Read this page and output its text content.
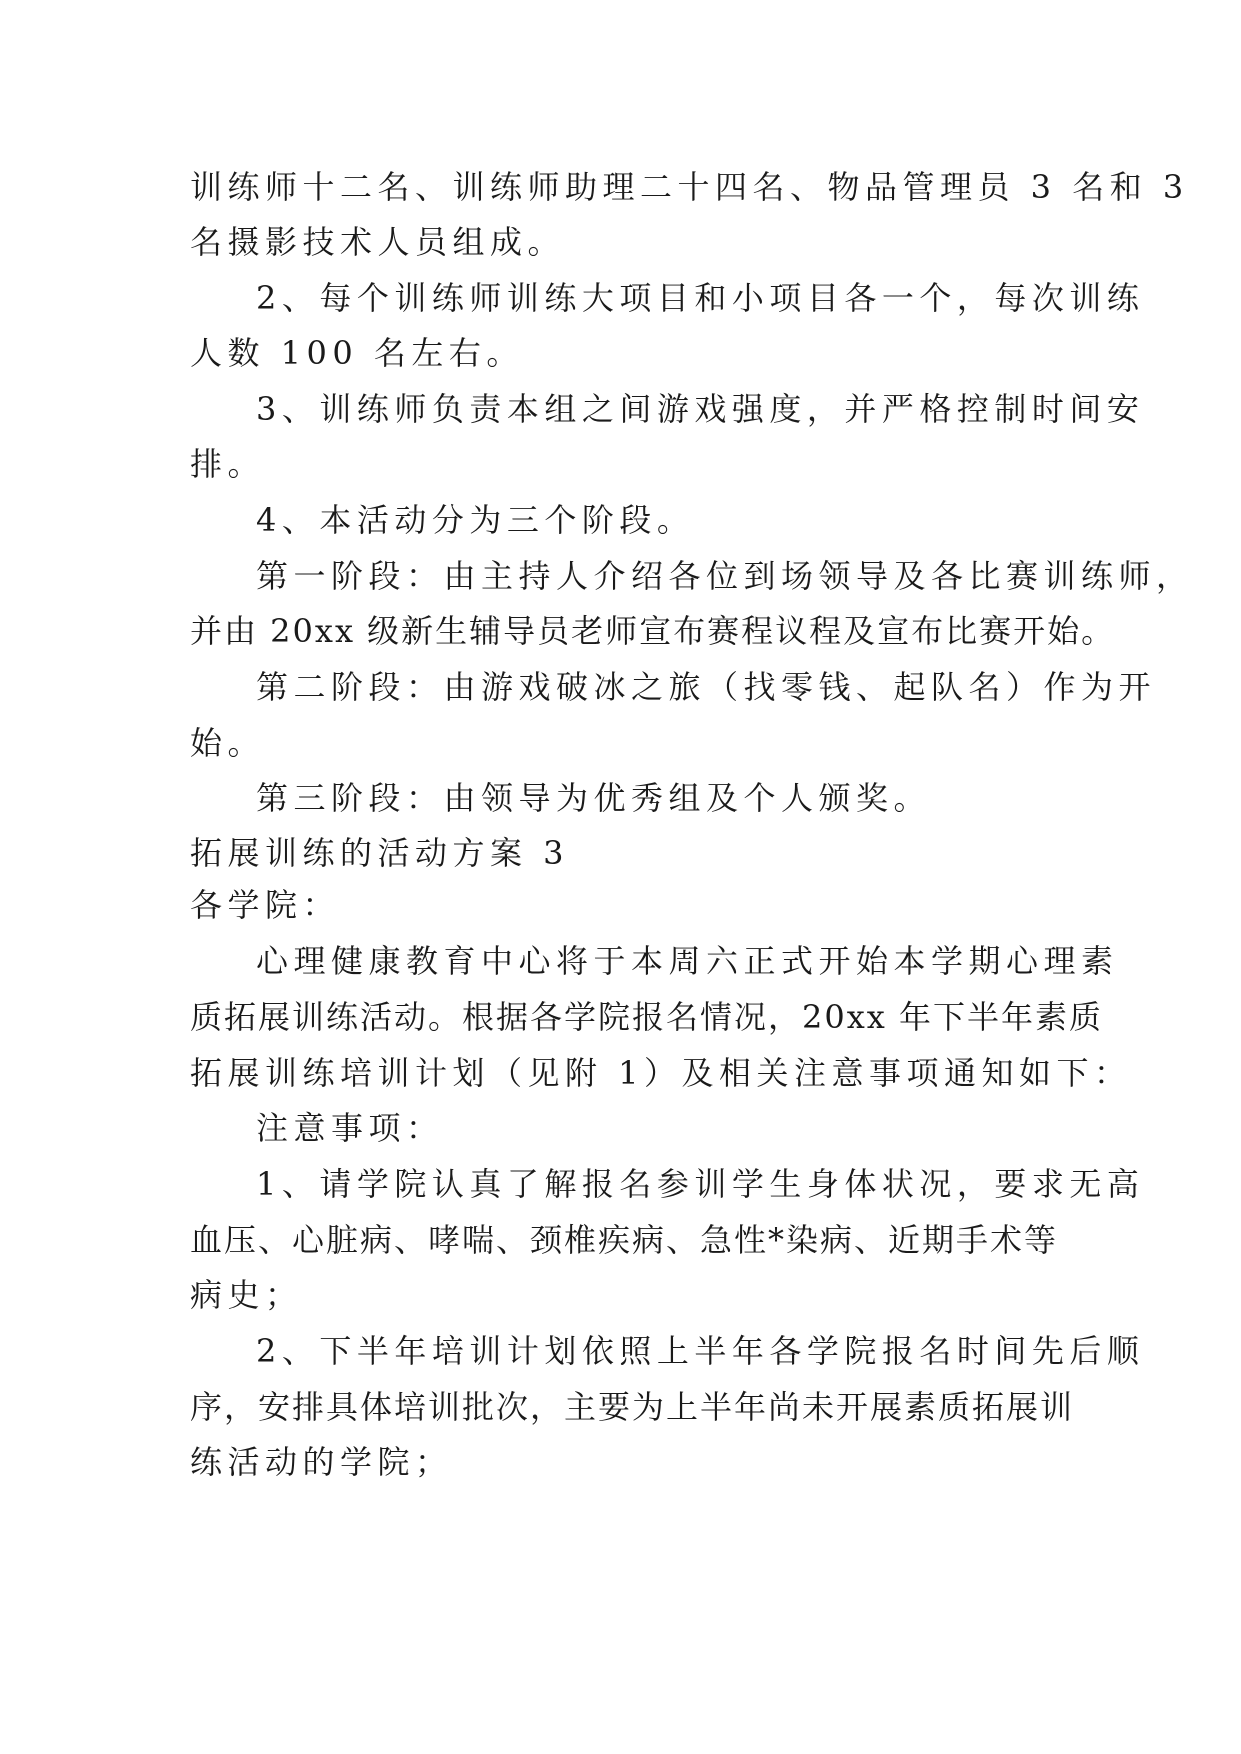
训练师十二名、训练师助理二十四名、物品管理员 3 名和 3

名摄影技术人员组成。

2、每个训练师训练大项目和小项目各一个，每次训练

人数 100 名左右。

3、训练师负责本组之间游戏强度，并严格控制时间安

排。

4、本活动分为三个阶段。

第一阶段：由主持人介绍各位到场领导及各比赛训练师，

并由 20xx 级新生辅导员老师宣布赛程议程及宣布比赛开始。

第二阶段：由游戏破冰之旅（找零钱、起队名）作为开

始。

第三阶段：由领导为优秀组及个人颁奖。

拓展训练的活动方案 3

各学院：

心理健康教育中心将于本周六正式开始本学期心理素

质拓展训练活动。根据各学院报名情况，20xx 年下半年素质

拓展训练培训计划（见附 1）及相关注意事项通知如下：

注意事项：

1、请学院认真了解报名参训学生身体状况，要求无高

血压、心脏病、哮喘、颈椎疾病、急性*染病、近期手术等

病史；

2、下半年培训计划依照上半年各学院报名时间先后顺

序，安排具体培训批次，主要为上半年尚未开展素质拓展训

练活动的学院；
